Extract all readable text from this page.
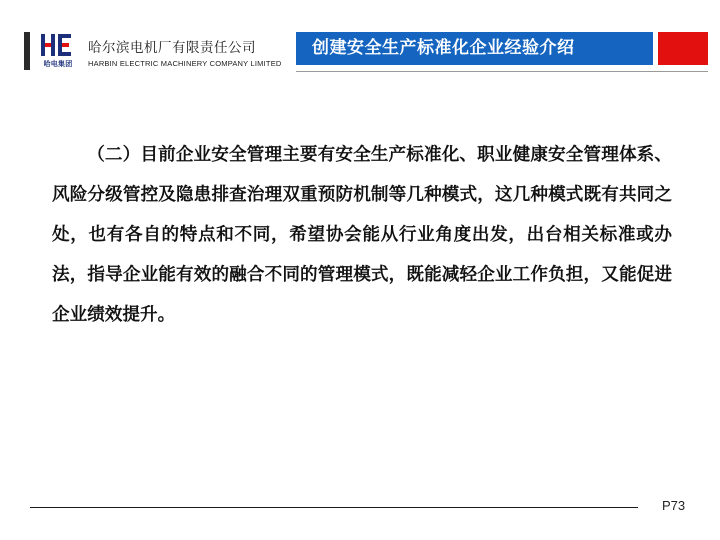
哈电集团
哈尔滨电机厂有限责任公司
HARBIN ELECTRIC MACHINERY COMPANY LIMITED
创建安全生产标准化企业经验介绍

（二）目前企业安全管理主要有安全生产标准化、职业健康安全管理体系、风险分级管控及隐患排查治理双重预防机制等几种模式，这几种模式既有共同之处，也有各自的特点和不同，希望协会能从行业角度出发，出台相关标准或办法，指导企业能有效的融合不同的管理模式，既能减轻企业工作负担，又能促进企业绩效提升。

P73
